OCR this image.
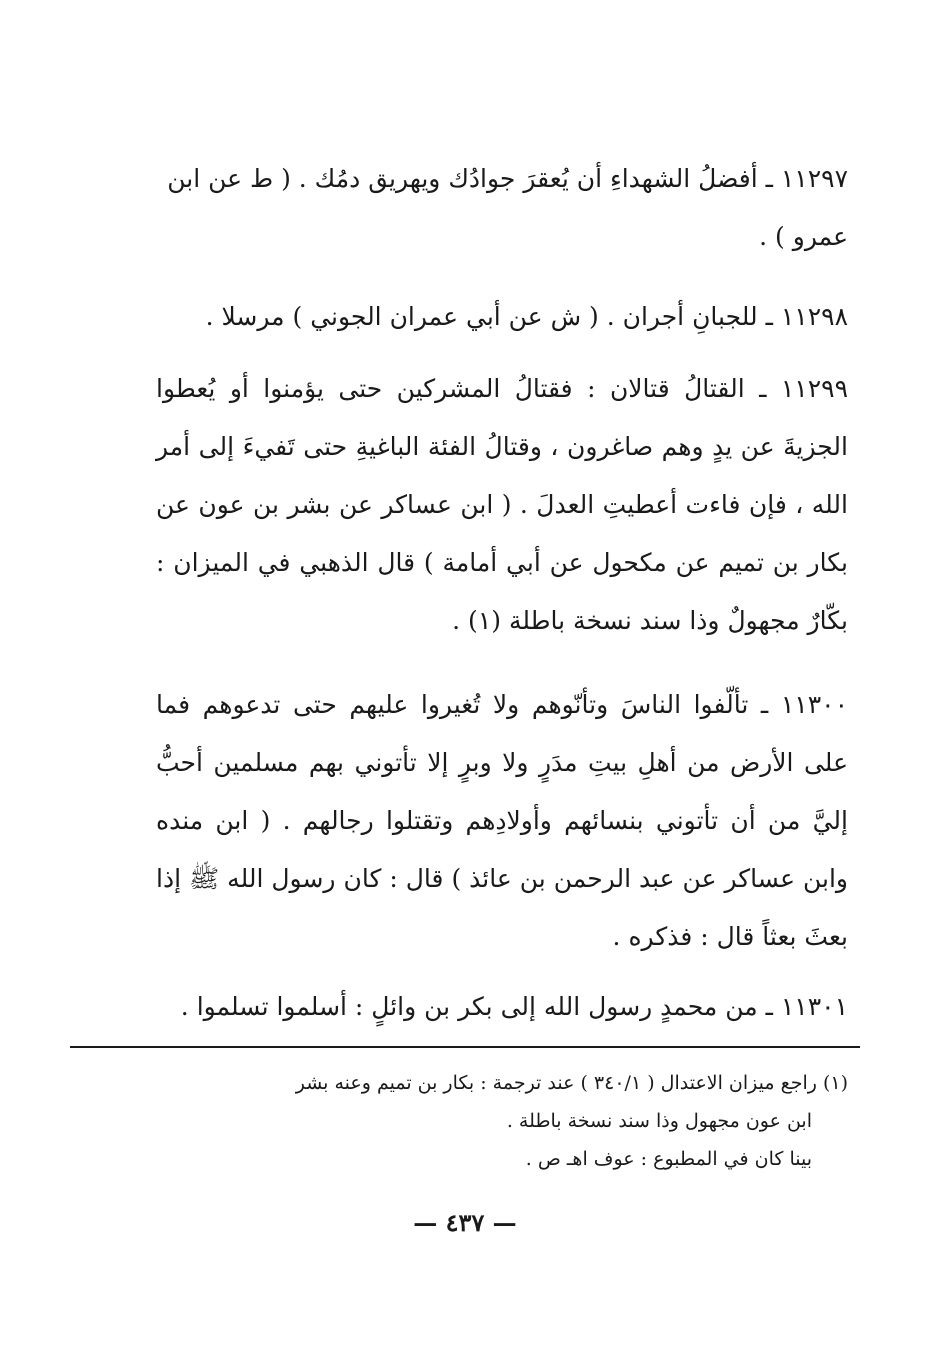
١١٢٩٧ ـ أفضلُ الشهداءِ أن يُعقرَ جوادُك ويهريق دمُك . ( ط عن ابن عمرو ) .

١١٢٩٨ ـ للجبانِ أجران . ( ش عن أبي عمران الجوني ) مرسلا .

١١٢٩٩ ـ القتالُ قتالان : فقتالُ المشركين حتى يؤمنوا أو يُعطوا الجزيةَ عن يدٍ وهم صاغرون ، وقتالُ الفئة الباغيةِ حتى تَفيءَ إلى أمر الله ، فإن فاءت أعطيتِ العدلَ . ( ابن عساكر عن بشر بن عون عن بكار بن تميم عن مكحول عن أبي أمامة ) قال الذهبي في الميزان : بكّارٌ مجهولٌ وذا سند نسخة باطلة (١) .

١١٣٠٠ ـ تألّفوا الناسَ وتأنّوهم ولا تُغيروا عليهم حتى تدعوهم فما على الأرض من أهلِ بيتِ مدَرٍ ولا وبرٍ إلا تأتوني بهم مسلمين أحبُّ إليَّ من أن تأتوني بنسائهم وأولادِهم وتقتلوا رجالهم . ( ابن منده وابن عساكر عن عبد الرحمن بن عائذ ) قال : كان رسول الله ﷺ إذا بعثَ بعثاً قال : فذكره .

١١٣٠١ ـ من محمدٍ رسول الله إلى بكر بن وائلٍ : أسلموا تسلموا .

(١) راجع ميزان الاعتدال ( ٣٤٠/١ ) عند ترجمة : بكار بن تميم وعنه بشر
ابن عون مجهول وذا سند نسخة باطلة .
بينا كان في المطبوع : عوف اهـ ص .
— ٤٣٧ —
